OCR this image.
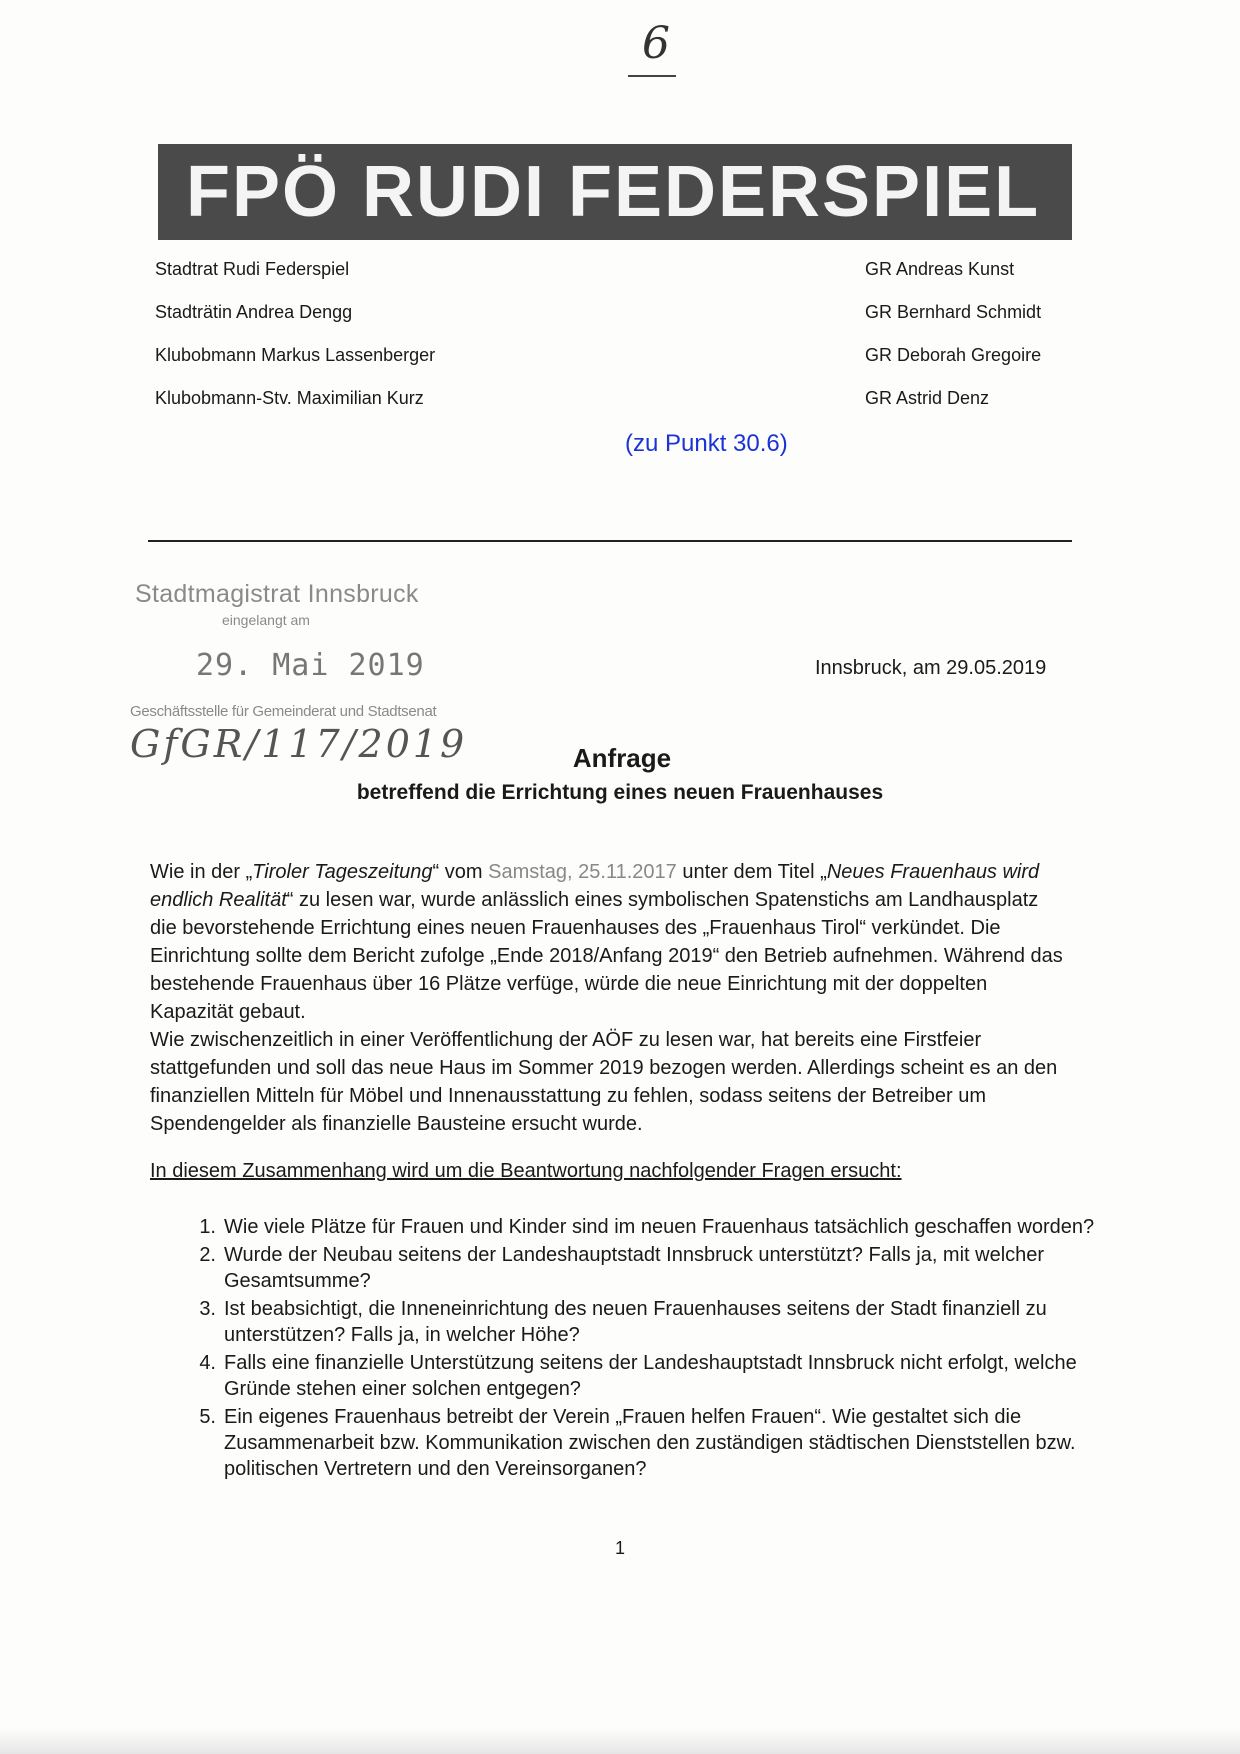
6
FPÖ RUDI FEDERSPIEL
Stadtrat Rudi Federspiel
Stadträtin Andrea Dengg
Klubobmann Markus Lassenberger
Klubobmann-Stv. Maximilian Kurz
GR Andreas Kunst
GR Bernhard Schmidt
GR Deborah Gregoire
GR Astrid Denz
(zu Punkt 30.6)
Stadtmagistrat Innsbruck
eingelangt am
29. Mai 2019
Geschäftsstelle für Gemeinderat und Stadtsenat
GfGR/117/2019
Innsbruck, am 29.05.2019
Anfrage
betreffend die Errichtung eines neuen Frauenhauses

Wie in der „Tiroler Tageszeitung“ vom Samstag, 25.11.2017 unter dem Titel „Neues Frauenhaus wird endlich Realität“ zu lesen war, wurde anlässlich eines symbolischen Spatenstichs am Landhausplatz die bevorstehende Errichtung eines neuen Frauenhauses des „Frauenhaus Tirol“ verkündet. Die Einrichtung sollte dem Bericht zufolge „Ende 2018/Anfang 2019“ den Betrieb aufnehmen. Während das bestehende Frauenhaus über 16 Plätze verfüge, würde die neue Einrichtung mit der doppelten Kapazität gebaut.

Wie zwischenzeitlich in einer Veröffentlichung der AÖF zu lesen war, hat bereits eine Firstfeier stattgefunden und soll das neue Haus im Sommer 2019 bezogen werden. Allerdings scheint es an den finanziellen Mitteln für Möbel und Innenausstattung zu fehlen, sodass seitens der Betreiber um Spendengelder als finanzielle Bausteine ersucht wurde.

In diesem Zusammenhang wird um die Beantwortung nachfolgender Fragen ersucht:
1. Wie viele Plätze für Frauen und Kinder sind im neuen Frauenhaus tatsächlich geschaffen worden?
2. Wurde der Neubau seitens der Landeshauptstadt Innsbruck unterstützt? Falls ja, mit welcher Gesamtsumme?
3. Ist beabsichtigt, die Inneneinrichtung des neuen Frauenhauses seitens der Stadt finanziell zu unterstützen? Falls ja, in welcher Höhe?
4. Falls eine finanzielle Unterstützung seitens der Landeshauptstadt Innsbruck nicht erfolgt, welche Gründe stehen einer solchen entgegen?
5. Ein eigenes Frauenhaus betreibt der Verein „Frauen helfen Frauen“. Wie gestaltet sich die Zusammenarbeit bzw. Kommunikation zwischen den zuständigen städtischen Dienststellen bzw. politischen Vertretern und den Vereinsorganen?
1
